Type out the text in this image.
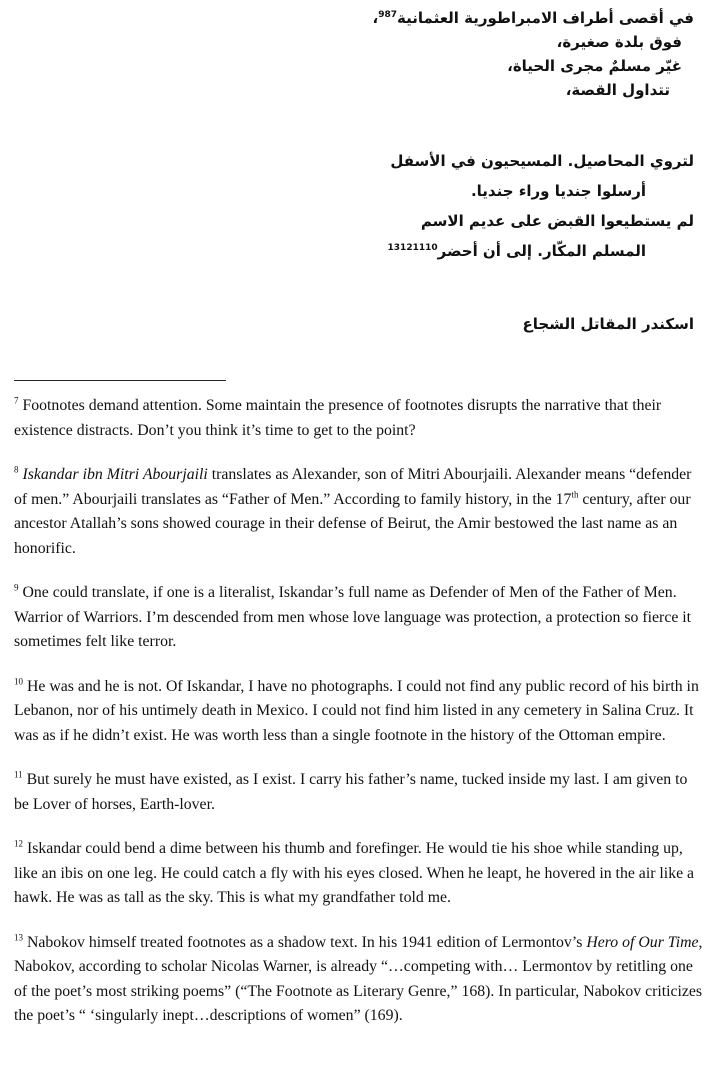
في أقصى أطراف الامبراطورية العثمانية$^{987}$،
فوق بلدة صغيرة،
غيّر مسلمٌ مجرى الحياة،
تتداول القصة،
لتروي المحاصيل. المسيحيون في الأسفل
أرسلوا جنديا وراء جنديا.
لم يستطيعوا القبض على عديم الاسم
المسلم المكّار. إلى أن أحضر$^{13121110}$
اسكندر المقاتل الشجاع

$^7$ Footnotes demand attention. Some maintain the presence of footnotes disrupts the narrative that their existence distracts. Don’t you think it’s time to get to the point?

$^8$ Iskandar ibn Mitri Abourjaili translates as Alexander, son of Mitri Abourjaili. Alexander means “defender of men.” Abourjaili translates as “Father of Men.” According to family history, in the 17th century, after our ancestor Atallah’s sons showed courage in their defense of Beirut, the Amir bestowed the last name as an honorific.

$^9$ One could translate, if one is a literalist, Iskandar’s full name as Defender of Men of the Father of Men. Warrior of Warriors. I’m descended from men whose love language was protection, a protection so fierce it sometimes felt like terror.

$^{10}$ He was and he is not. Of Iskandar, I have no photographs. I could not find any public record of his birth in Lebanon, nor of his untimely death in Mexico. I could not find him listed in any cemetery in Salina Cruz. It was as if he didn’t exist. He was worth less than a single footnote in the history of the Ottoman empire.

$^{11}$ But surely he must have existed, as I exist. I carry his father’s name, tucked inside my last. I am given to be Lover of horses, Earth-lover.

$^{12}$ Iskandar could bend a dime between his thumb and forefinger. He would tie his shoe while standing up, like an ibis on one leg. He could catch a fly with his eyes closed. When he leapt, he hovered in the air like a hawk. He was as tall as the sky. This is what my grandfather told me.

$^{13}$ Nabokov himself treated footnotes as a shadow text. In his 1941 edition of Lermontov’s Hero of Our Time, Nabokov, according to scholar Nicolas Warner, is already “…competing with… Lermontov by retitling one of the poet’s most striking poems” (“The Footnote as Literary Genre,” 168). In particular, Nabokov criticizes the poet’s “ ‘singularly inept…descriptions of women” (169).
